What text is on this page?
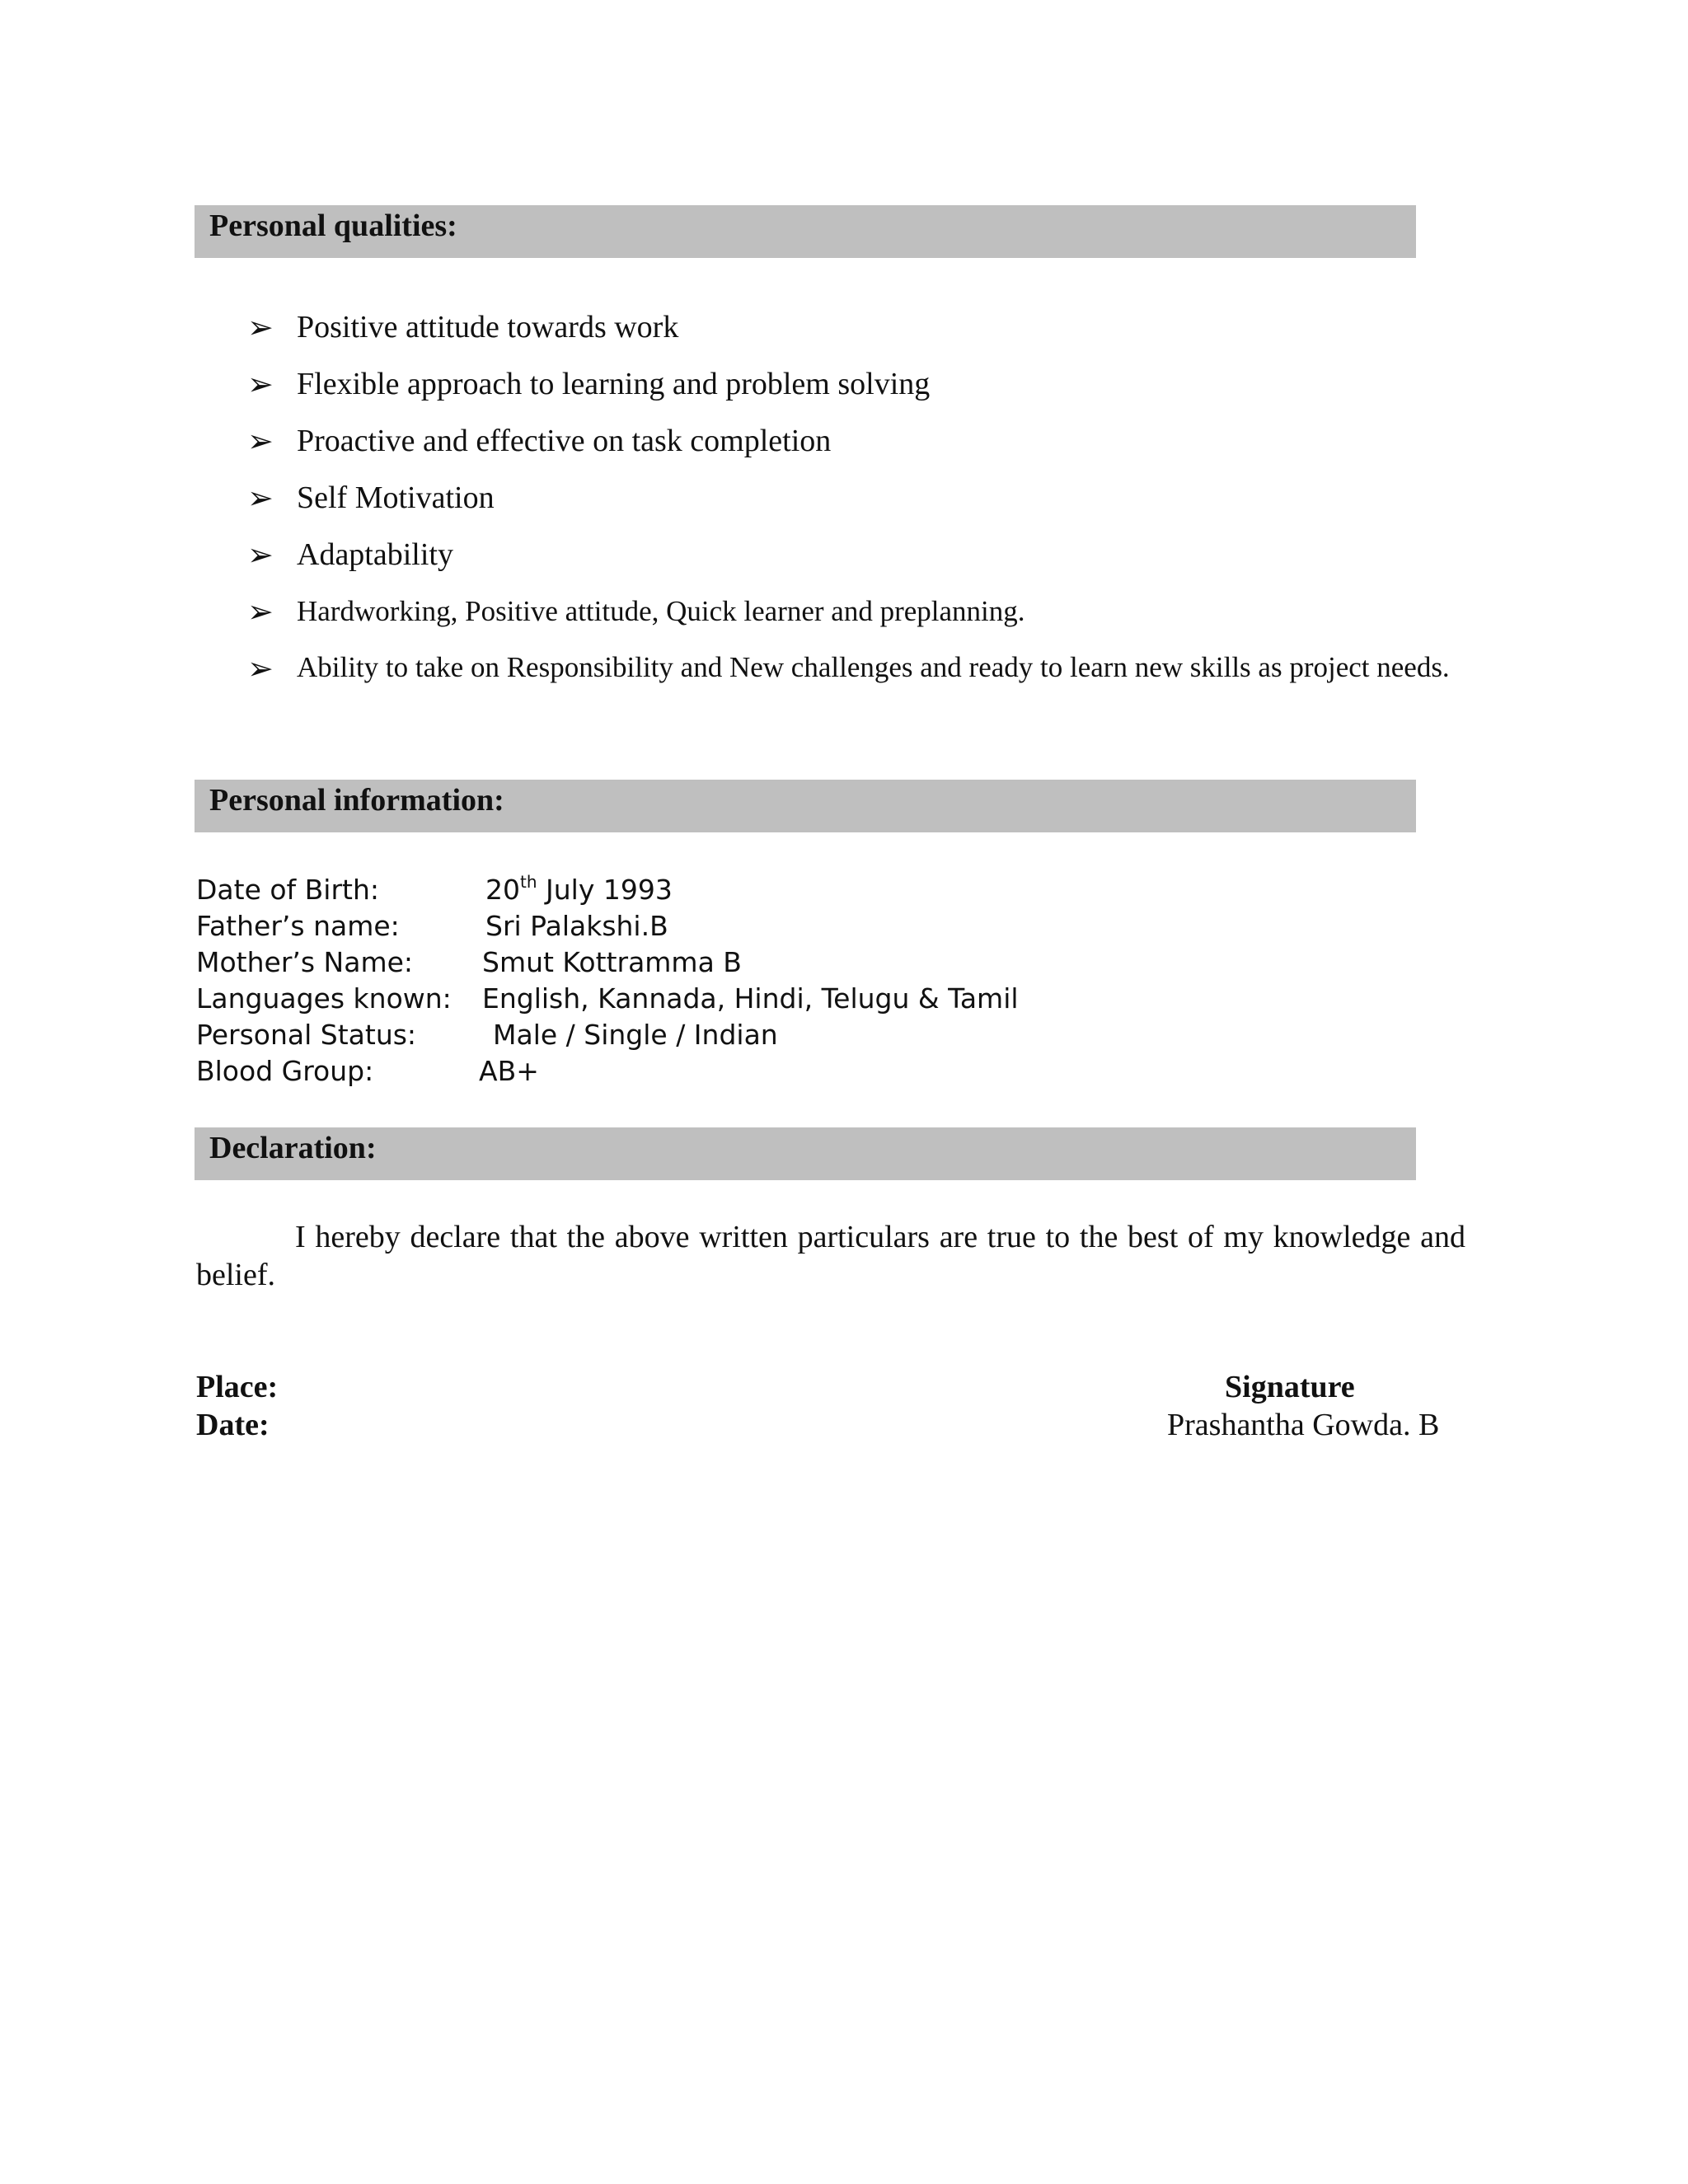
Personal qualities:
➢ Positive attitude towards work
➢ Flexible approach to learning and problem solving
➢ Proactive and effective on task completion
➢ Self Motivation
➢ Adaptability
➢ Hardworking, Positive attitude, Quick learner and preplanning.
➢ Ability to take on Responsibility and New challenges and ready to learn new skills as project needs.
Personal information:
Date of Birth:	20th July 1993
Father’s name:	Sri Palakshi.B
Mother’s Name:	Smut Kottramma B
Languages known: English, Kannada, Hindi, Telugu & Tamil
Personal Status:	Male / Single / Indian
Blood Group:	AB+
Declaration:

I hereby declare that the above written particulars are true to the best of my knowledge and belief.

Place:
Date:
Signature
Prashantha Gowda. B
